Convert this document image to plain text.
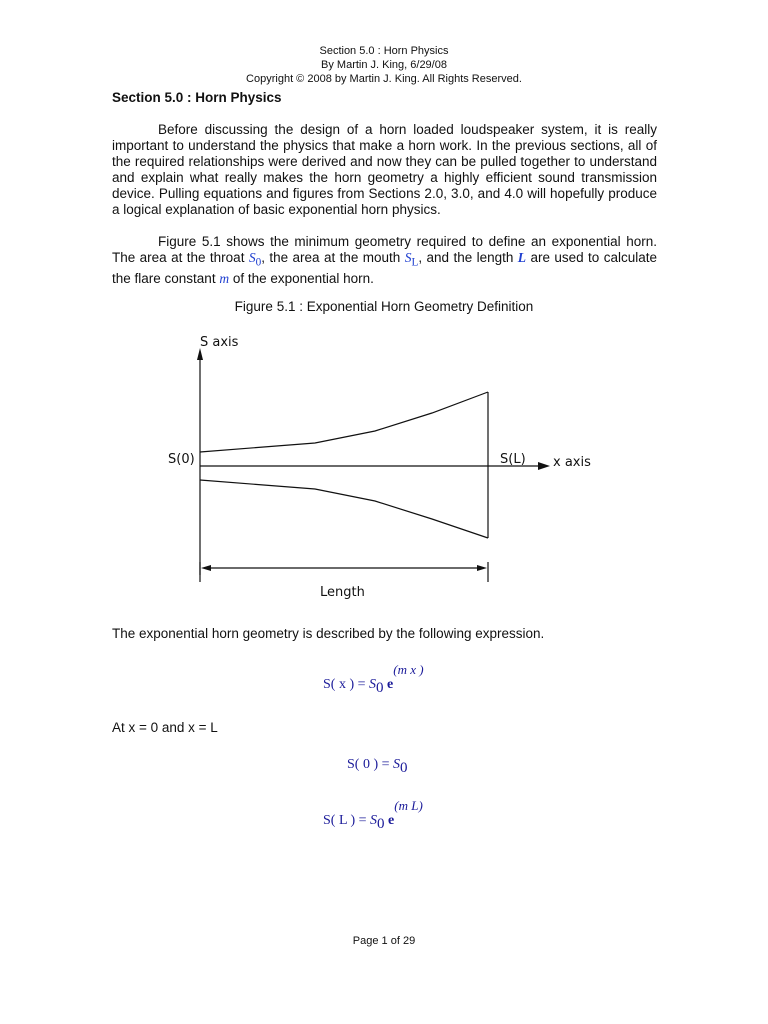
Section 5.0 : Horn Physics
By Martin J. King, 6/29/08
Copyright © 2008 by Martin J. King. All Rights Reserved.
Section 5.0 : Horn Physics

Before discussing the design of a horn loaded loudspeaker system, it is really important to understand the physics that make a horn work. In the previous sections, all of the required relationships were derived and now they can be pulled together to understand and explain what really makes the horn geometry a highly efficient sound transmission device. Pulling equations and figures from Sections 2.0, 3.0, and 4.0 will hopefully produce a logical explanation of basic exponential horn physics.

Figure 5.1 shows the minimum geometry required to define an exponential horn. The area at the throat $S_0$, the area at the mouth $S_L$, and the length L are used to calculate the flare constant m of the exponential horn.

Figure 5.1 : Exponential Horn Geometry Definition
S axis
S(0)	S(L) x axis
Length

The exponential horn geometry is described by the following expression.

S( x ) = S0 e(m x )

At x = 0 and x = L

S( 0 ) = S0
S( L ) = S0 e(m L)
Page 1 of 29
